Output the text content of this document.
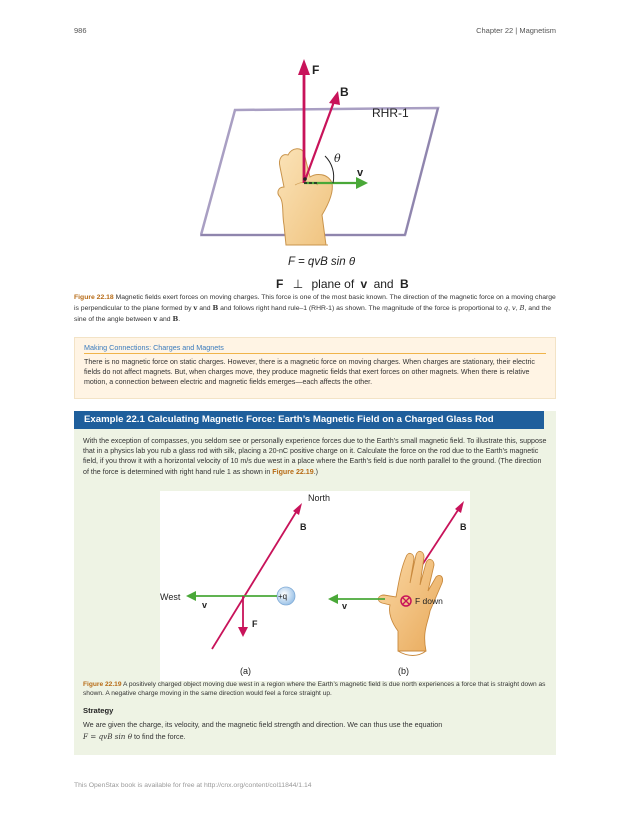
986	Chapter 22 | Magnetism
F
B
RHR-1
θ
v
F = qvB sin θ
F ⊥ plane of v and B
Figure 22.18 Magnetic fields exert forces on moving charges. This force is one of the most basic known. The direction of the magnetic force on a moving charge is perpendicular to the plane formed by v and B and follows right hand rule–1 (RHR-1) as shown. The magnitude of the force is proportional to q, v, B, and the sine of the angle between v and B.
Making Connections: Charges and Magnets
There is no magnetic force on static charges. However, there is a magnetic force on moving charges. When charges are stationary, their electric fields do not affect magnets. But, when charges move, they produce magnetic fields that exert forces on other magnets. When there is relative motion, a connection between electric and magnetic fields emerges—each affects the other.
Example 22.1 Calculating Magnetic Force: Earth’s Magnetic Field on a Charged Glass Rod
With the exception of compasses, you seldom see or personally experience forces due to the Earth’s small magnetic field. To illustrate this, suppose that in a physics lab you rub a glass rod with silk, placing a 20-nC positive charge on it. Calculate the force on the rod due to the Earth’s magnetic field, if you throw it with a horizontal velocity of 10 m/s due west in a place where the Earth’s field is due north parallel to the ground. (The direction of the force is determined with right hand rule 1 as shown in Figure 22.19.)
North
B
+q
West
v
F
(a)
B
v	F down
(b)
Figure 22.19 A positively charged object moving due west in a region where the Earth’s magnetic field is due north experiences a force that is straight down as shown. A negative charge moving in the same direction would feel a force straight up.
Strategy
We are given the charge, its velocity, and the magnetic field strength and direction. We can thus use the equation
F = qvB sin θ to find the force.
This OpenStax book is available for free at http://cnx.org/content/col11844/1.14
